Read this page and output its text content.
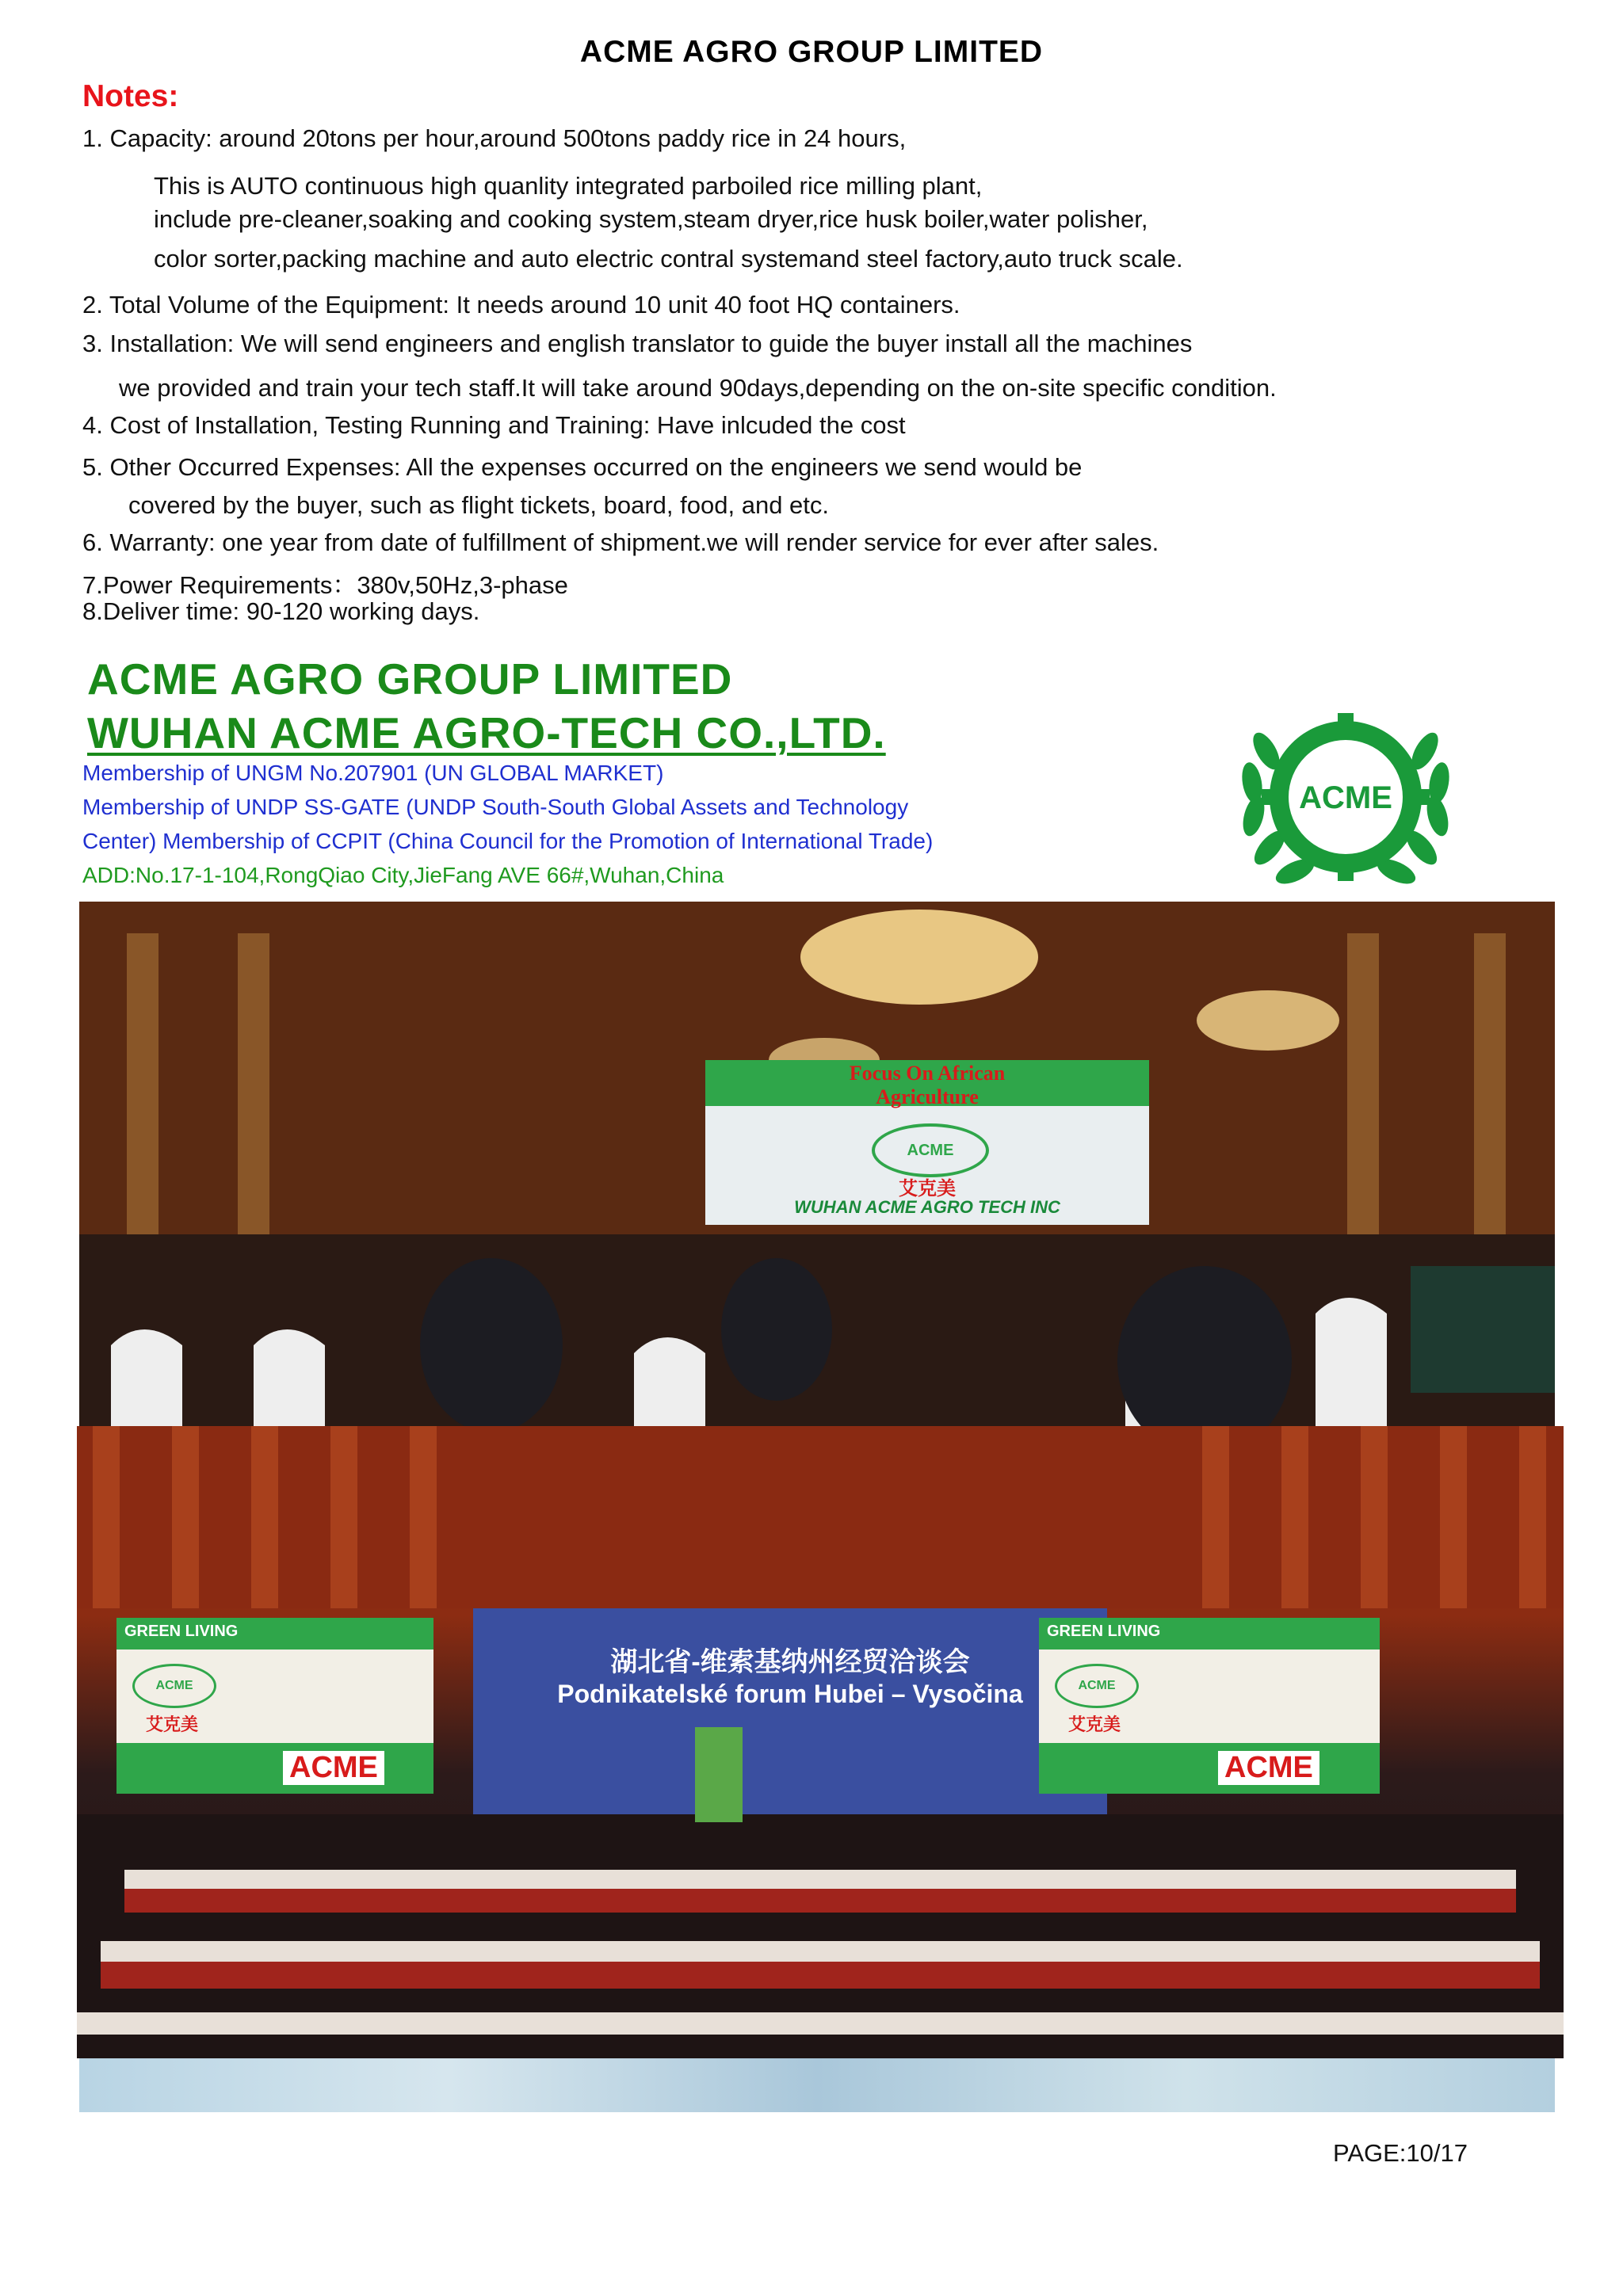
ACME AGRO GROUP LIMITED
Notes:
1. Capacity: around 20tons per hour,around 500tons paddy rice in 24 hours,
This is AUTO continuous high quanlity integrated parboiled rice milling plant,
include pre-cleaner,soaking and cooking system,steam dryer,rice husk boiler,water polisher,
color sorter,packing machine and auto electric contral systemand steel factory,auto truck scale.
2. Total Volume of the Equipment: It needs around 10 unit 40 foot HQ containers.
3. Installation: We will send engineers and english translator to guide the buyer install all the machines
we provided and train your tech staff.It will take around 90days,depending on the on-site specific condition.
4. Cost of Installation, Testing Running and Training: Have inlcuded the cost
5. Other Occurred Expenses: All the expenses occurred on the engineers we send would be
covered by the buyer, such as flight tickets, board, food, and etc.
6. Warranty: one year from date of fulfillment of shipment.we will render service for ever after sales.
7.Power Requirements：380v,50Hz,3-phase
8.Deliver time: 90-120 working days.
ACME AGRO GROUP LIMITED
WUHAN ACME AGRO-TECH CO.,LTD.
Membership of UNGM No.207901 (UN GLOBAL MARKET)
Membership of UNDP SS-GATE (UNDP South-South Global Assets and Technology
Center) Membership of CCPIT (China Council for the Promotion of International Trade)
ADD:No.17-1-104,RongQiao City,JieFang AVE 66#,Wuhan,China
ACME
Focus On African
Agriculture
ACME
艾克美
WUHAN ACME AGRO TECH INC
湖北省-维索基纳州经贸洽谈会
Podnikatelské forum Hubei – Vysočina
GREEN LIVING
ACME
艾克美
ACME
GREEN LIVING
ACME
艾克美
ACME
PAGE:10/17
